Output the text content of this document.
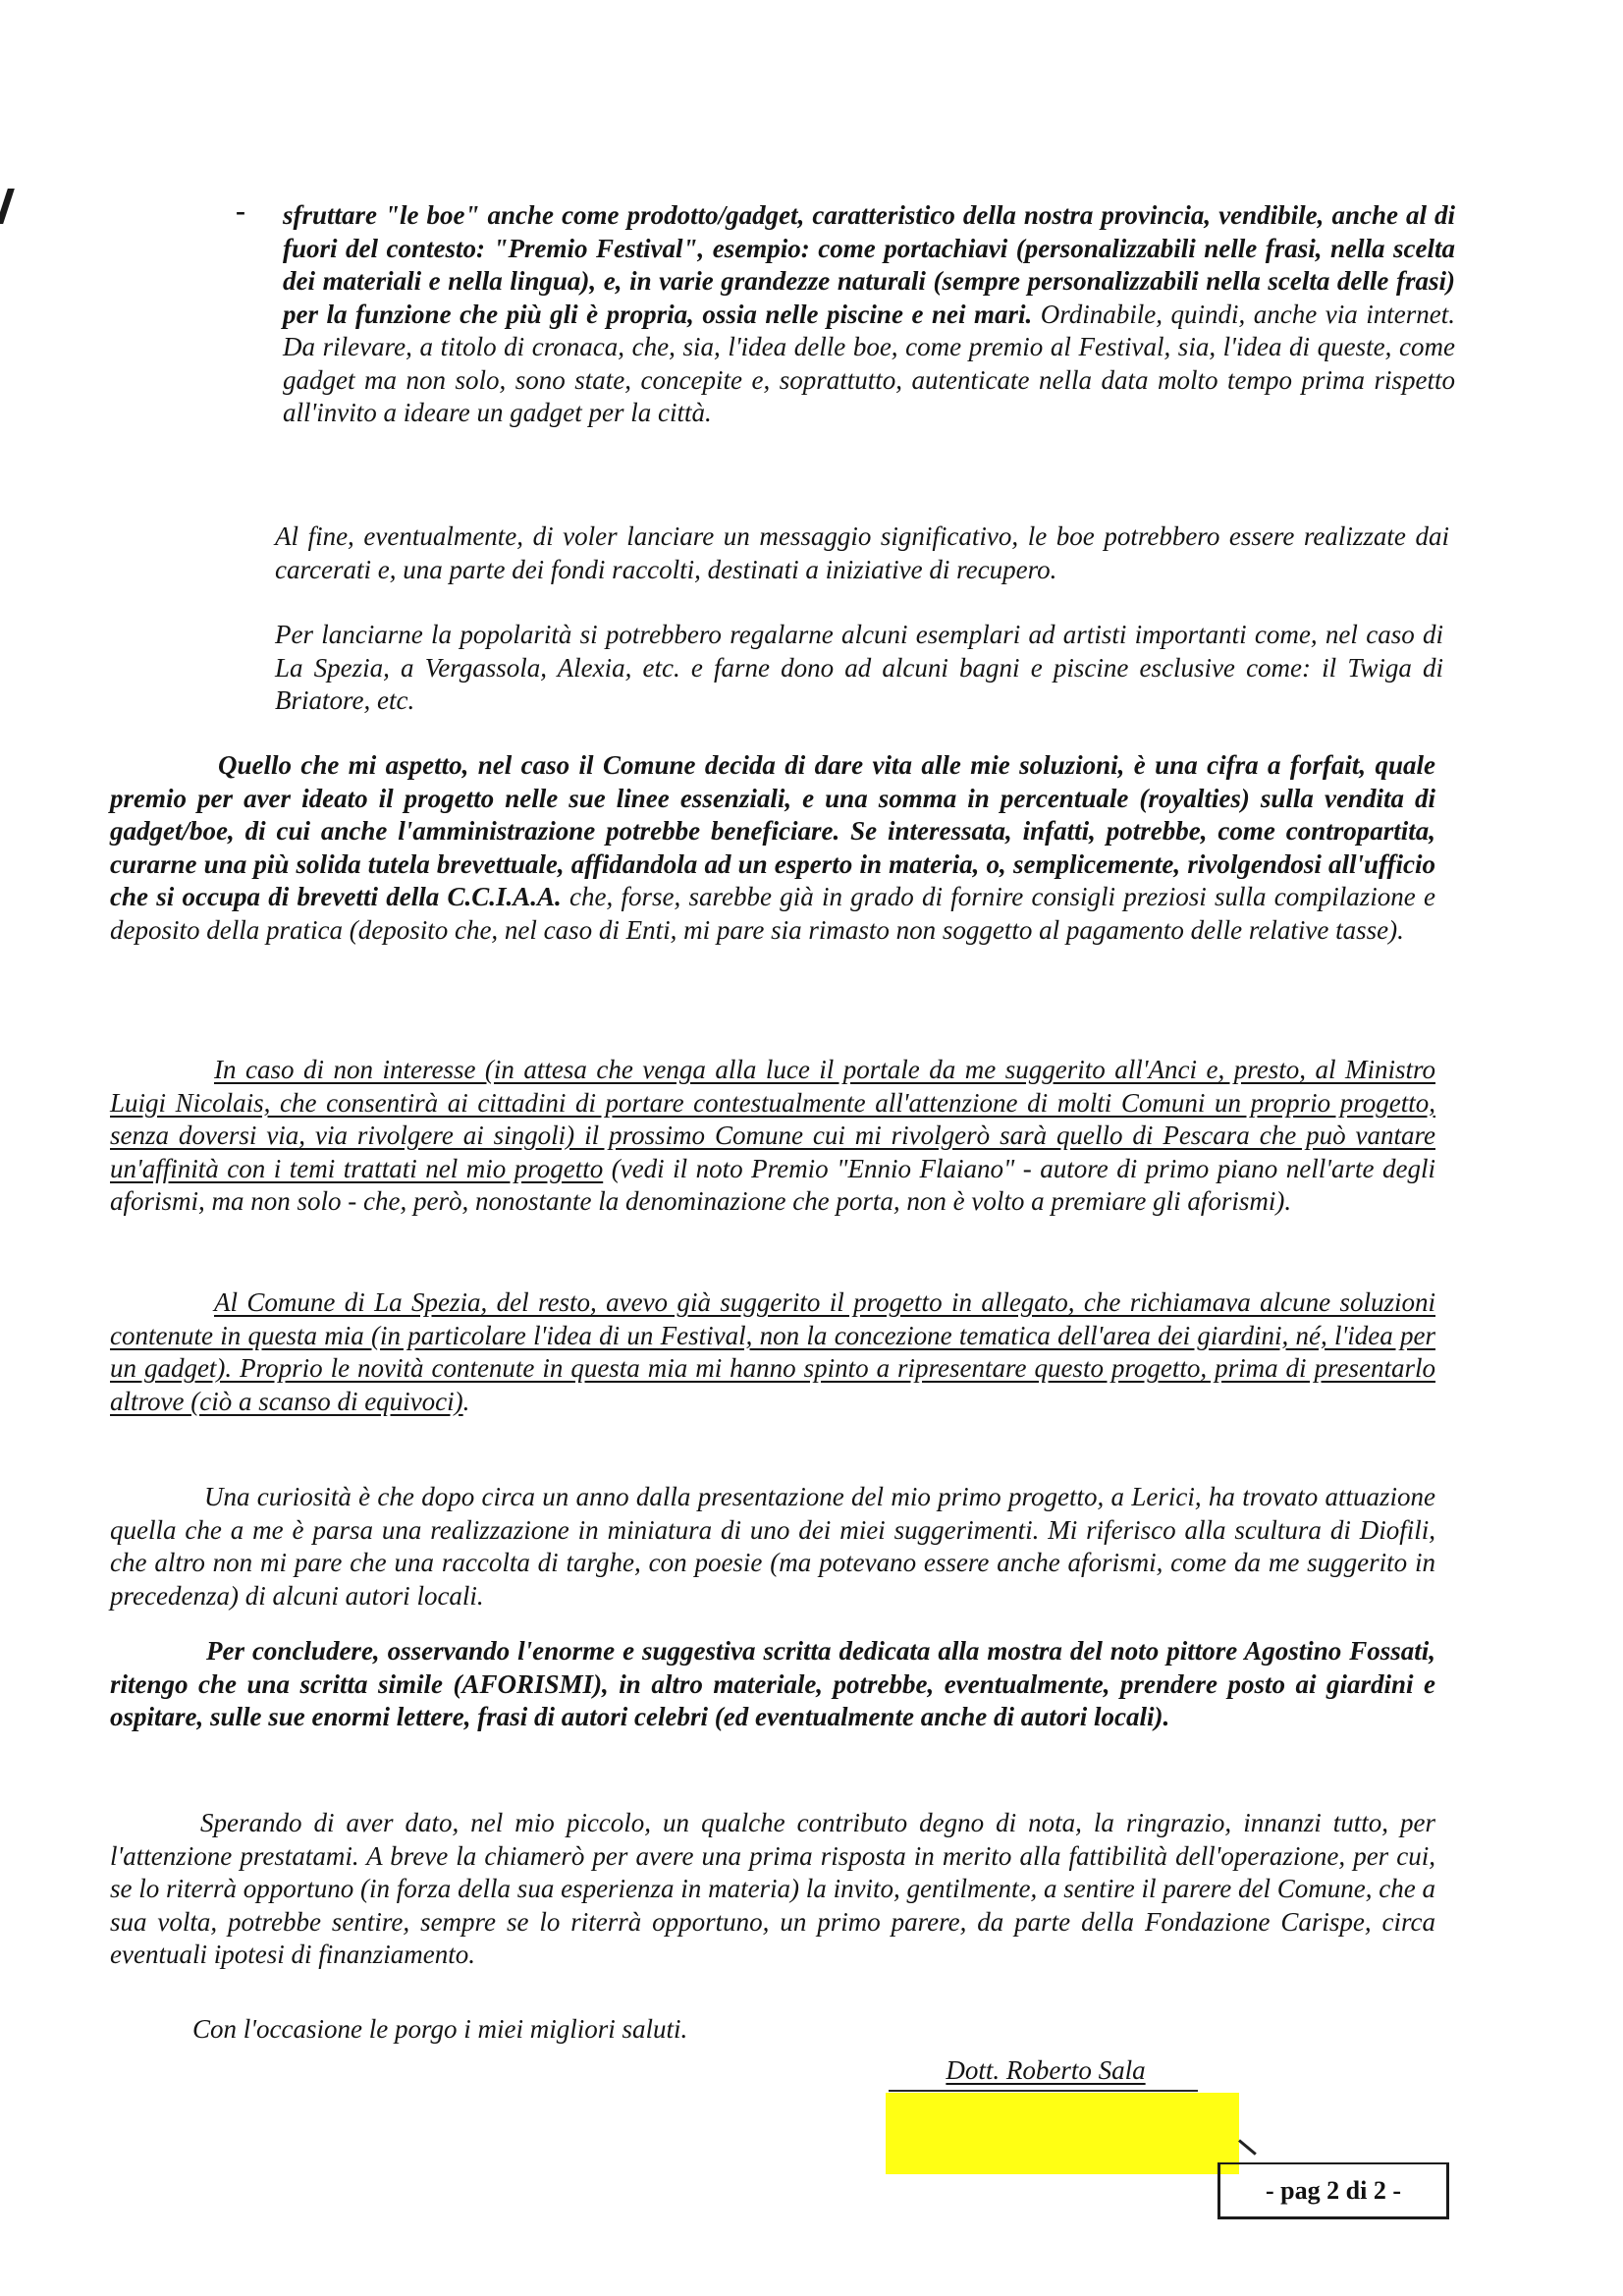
- sfruttare "le boe" anche come prodotto/gadget, caratteristico della nostra provincia, vendibile, anche al di fuori del contesto: "Premio Festival", esempio: come portachiavi (personalizzabili nelle frasi, nella scelta dei materiali e nella lingua), e, in varie grandezze naturali (sempre personalizzabili nella scelta delle frasi) per la funzione che più gli è propria, ossia nelle piscine e nei mari. Ordinabile, quindi, anche via internet. Da rilevare, a titolo di cronaca, che, sia, l'idea delle boe, come premio al Festival, sia, l'idea di queste, come gadget ma non solo, sono state, concepite e, soprattutto, autenticate nella data molto tempo prima rispetto all'invito a ideare un gadget per la città.

Al fine, eventualmente, di voler lanciare un messaggio significativo, le boe potrebbero essere realizzate dai carcerati e, una parte dei fondi raccolti, destinati a iniziative di recupero.

Per lanciarne la popolarità si potrebbero regalarne alcuni esemplari ad artisti importanti come, nel caso di La Spezia, a Vergassola, Alexia, etc. e farne dono ad alcuni bagni e piscine esclusive come: il Twiga di Briatore, etc.

Quello che mi aspetto, nel caso il Comune decida di dare vita alle mie soluzioni, è una cifra a forfait, quale premio per aver ideato il progetto nelle sue linee essenziali, e una somma in percentuale (royalties) sulla vendita di gadget/boe, di cui anche l'amministrazione potrebbe beneficiare. Se interessata, infatti, potrebbe, come contropartita, curarne una più solida tutela brevettuale, affidandola ad un esperto in materia, o, semplicemente, rivolgendosi all'ufficio che si occupa di brevetti della C.C.I.A.A. che, forse, sarebbe già in grado di fornire consigli preziosi sulla compilazione e deposito della pratica (deposito che, nel caso di Enti, mi pare sia rimasto non soggetto al pagamento delle relative tasse).

In caso di non interesse (in attesa che venga alla luce il portale da me suggerito all'Anci e, presto, al Ministro Luigi Nicolais, che consentirà ai cittadini di portare contestualmente all'attenzione di molti Comuni un proprio progetto, senza doversi via, via rivolgere ai singoli) il prossimo Comune cui mi rivolgerò sarà quello di Pescara che può vantare un'affinità con i temi trattati nel mio progetto (vedi il noto Premio "Ennio Flaiano" - autore di primo piano nell'arte degli aforismi, ma non solo - che, però, nonostante la denominazione che porta, non è volto a premiare gli aforismi).

Al Comune di La Spezia, del resto, avevo già suggerito il progetto in allegato, che richiamava alcune soluzioni contenute in questa mia (in particolare l'idea di un Festival, non la concezione tematica dell'area dei giardini, né, l'idea per un gadget). Proprio le novità contenute in questa mia mi hanno spinto a ripresentare questo progetto, prima di presentarlo altrove (ciò a scanso di equivoci).

Una curiosità è che dopo circa un anno dalla presentazione del mio primo progetto, a Lerici, ha trovato attuazione quella che a me è parsa una realizzazione in miniatura di uno dei miei suggerimenti. Mi riferisco alla scultura di Diofili, che altro non mi pare che una raccolta di targhe, con poesie (ma potevano essere anche aforismi, come da me suggerito in precedenza) di alcuni autori locali.

Per concludere, osservando l'enorme e suggestiva scritta dedicata alla mostra del noto pittore Agostino Fossati, ritengo che una scritta simile (AFORISMI), in altro materiale, potrebbe, eventualmente, prendere posto ai giardini e ospitare, sulle sue enormi lettere, frasi di autori celebri (ed eventualmente anche di autori locali).

Sperando di aver dato, nel mio piccolo, un qualche contributo degno di nota, la ringrazio, innanzi tutto, per l'attenzione prestatami. A breve la chiamerò per avere una prima risposta in merito alla fattibilità dell'operazione, per cui, se lo riterrà opportuno (in forza della sua esperienza in materia) la invito, gentilmente, a sentire il parere del Comune, che a sua volta, potrebbe sentire, sempre se lo riterrà opportuno, un primo parere, da parte della Fondazione Carispe, circa eventuali ipotesi di finanziamento.

Con l'occasione le porgo i miei migliori saluti.

Dott. Roberto Sala

- pag 2 di 2 -
